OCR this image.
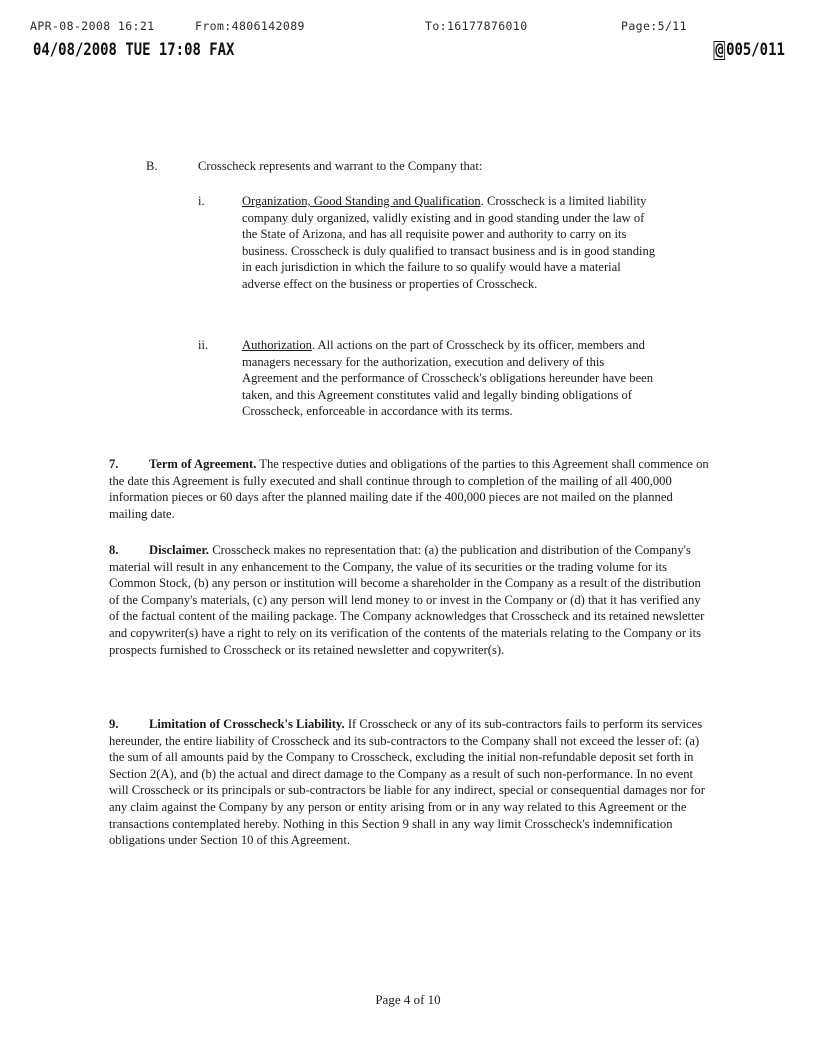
APR-08-2008 16:21	From:4806142089	To:16177876010	Page:5/11
04/08/2008 TUE 17:08 FAX	@ 005/011
B.	Crosscheck represents and warrant to the Company that:
i.	Organization, Good Standing and Qualification. Crosscheck is a limited liability company duly organized, validly existing and in good standing under the law of the State of Arizona, and has all requisite power and authority to carry on its business. Crosscheck is duly qualified to transact business and is in good standing in each jurisdiction in which the failure to so qualify would have a material adverse effect on the business or properties of Crosscheck.
ii.	Authorization. All actions on the part of Crosscheck by its officer, members and managers necessary for the authorization, execution and delivery of this Agreement and the performance of Crosscheck's obligations hereunder have been taken, and this Agreement constitutes valid and legally binding obligations of Crosscheck, enforceable in accordance with its terms.
7. Term of Agreement. The respective duties and obligations of the parties to this Agreement shall commence on the date this Agreement is fully executed and shall continue through to completion of the mailing of all 400,000 information pieces or 60 days after the planned mailing date if the 400,000 pieces are not mailed on the planned mailing date.
8. Disclaimer. Crosscheck makes no representation that: (a) the publication and distribution of the Company's material will result in any enhancement to the Company, the value of its securities or the trading volume for its Common Stock, (b) any person or institution will become a shareholder in the Company as a result of the distribution of the Company's materials, (c) any person will lend money to or invest in the Company or (d) that it has verified any of the factual content of the mailing package. The Company acknowledges that Crosscheck and its retained newsletter and copywriter(s) have a right to rely on its verification of the contents of the materials relating to the Company or its prospects furnished to Crosscheck or its retained newsletter and copywriter(s).
9. Limitation of Crosscheck's Liability. If Crosscheck or any of its sub-contractors fails to perform its services hereunder, the entire liability of Crosscheck and its sub-contractors to the Company shall not exceed the lesser of: (a) the sum of all amounts paid by the Company to Crosscheck, excluding the initial non-refundable deposit set forth in Section 2(A), and (b) the actual and direct damage to the Company as a result of such non-performance. In no event will Crosscheck or its principals or sub-contractors be liable for any indirect, special or consequential damages nor for any claim against the Company by any person or entity arising from or in any way related to this Agreement or the transactions contemplated hereby. Nothing in this Section 9 shall in any way limit Crosscheck's indemnification obligations under Section 10 of this Agreement.
Page 4 of 10
